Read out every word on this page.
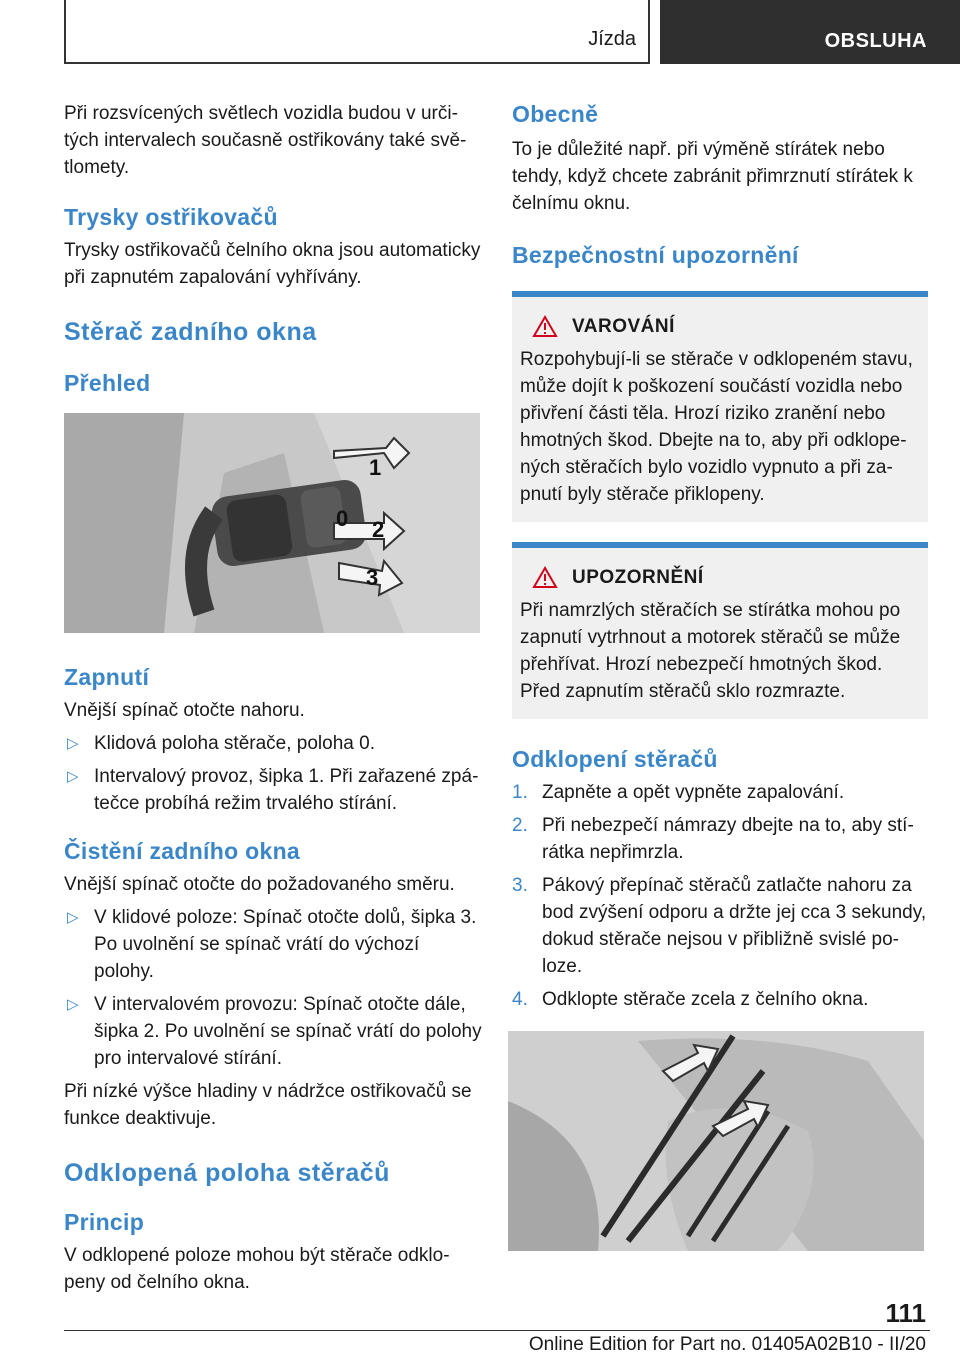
Jízda	OBSLUHA

Při rozsvícených světlech vozidla budou v určitých intervalech současně ostřikovány také světlomety.

Trysky ostřikovačů

Trysky ostřikovačů čelního okna jsou automaticky při zapnutém zapalování vyhřívány.

Stěrač zadního okna
Přehled
1
0 2
3
Zapnutí

Vnější spínač otočte nahoru.

▷ Klidová poloha stěrače, poloha 0.
▷ Intervalový provoz, šipka 1. Při zařazené zpátečce probíhá režim trvalého stírání.
Čistění zadního okna

Vnější spínač otočte do požadovaného směru.

▷ V klidové poloze: Spínač otočte dolů, šipka 3. Po uvolnění se spínač vrátí do výchozí polohy.
▷ V intervalovém provozu: Spínač otočte dále, šipka 2. Po uvolnění se spínač vrátí do polohy pro intervalové stírání.

Při nízké výšce hladiny v nádržce ostřikovačů se funkce deaktivuje.

Odklopená poloha stěračů
Princip

V odklopené poloze mohou být stěrače odklopeny od čelního okna.

Obecně

To je důležité např. při výměně stírátek nebo tehdy, když chcete zabránit přimrznutí stírátek k čelnímu oknu.

Bezpečnostní upozornění
VAROVÁNÍ

Rozpohybují-li se stěrače v odklopeném stavu, může dojít k poškození součástí vozidla nebo přivření části těla. Hrozí riziko zranění nebo hmotných škod. Dbejte na to, aby při odklopených stěračích bylo vozidlo vypnuto a při zapnutí byly stěrače přiklopeny.

UPOZORNĚNÍ

Při namrzlých stěračích se stírátka mohou po zapnutí vytrhnout a motorek stěračů se může přehřívat. Hrozí nebezpečí hmotných škod. Před zapnutím stěračů sklo rozmrazte.

Odklopení stěračů
1. Zapněte a opět vypněte zapalování.
2. Při nebezpečí námrazy dbejte na to, aby stírátka nepřimrzla.
3. Pákový přepínač stěračů zatlačte nahoru za bod zvýšení odporu a držte jej cca 3 sekundy, dokud stěrače nejsou v přibližně svislé poloze.
4. Odklopte stěrače zcela z čelního okna.
111
Online Edition for Part no. 01405A02B10 - II/20
